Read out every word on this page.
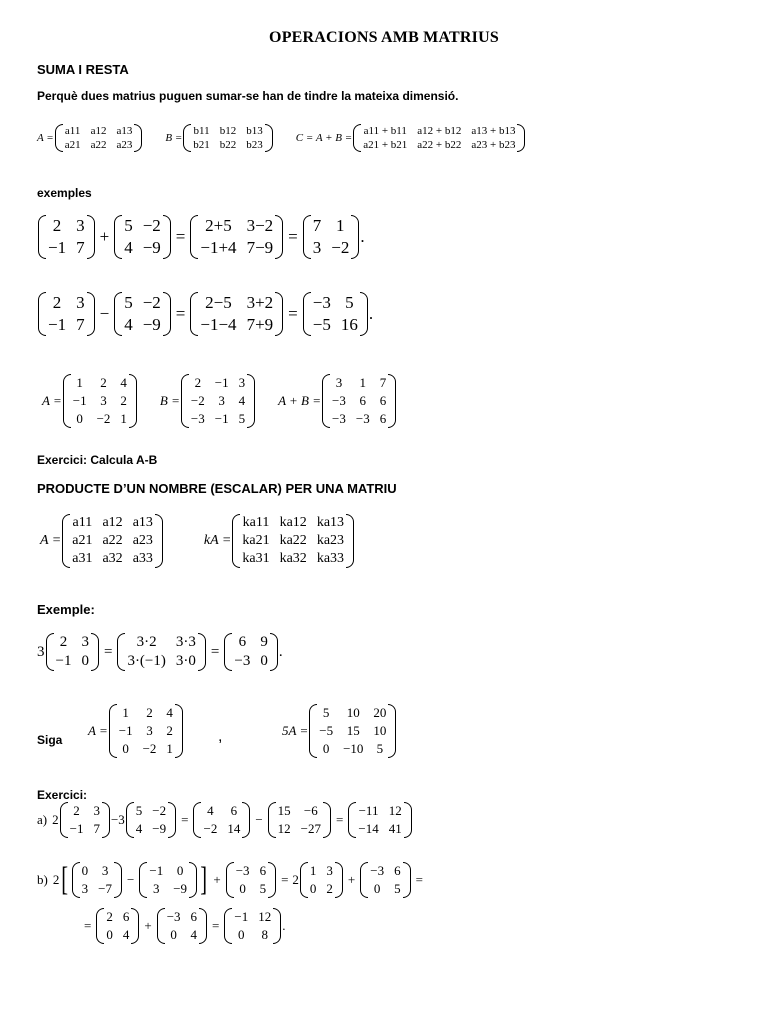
OPERACIONS AMB MATRIUS
SUMA I RESTA
Perquè dues matrius puguen sumar-se han de tindre la mateixa dimensió.
A =
a11 a12 a13
a21 a22 a23
B =
b11 b12 b13
b21 b22 b23
C = A + B =
a11 + b11 a12 + b12 a13 + b13
a21 + b21 a22 + b22 a23 + b23
exemples
2 3
−1 7
+
5 −2
4 −9
=
2+5 3−2
−1+4 7−9
=
7 1
3 −2
.
2 3
−1 7
−
5 −2
4 −9
=
2−5 3+2
−1−4 7+9
=
−3 5
−5 16
.
A =
1 2 4
−1 3 2
0 −2 1
B =
2 −1 3
−2 3 4
−3 −1 5
A + B =
3 1 7
−3 6 6
−3 −3 6
Exercici: Calcula A-B
PRODUCTE D’UN NOMBRE (ESCALAR) PER UNA MATRIU
A =
a11 a12 a13
a21 a22 a23
a31 a32 a33
kA =
ka11 ka12 ka13
ka21 ka22 ka23
ka31 ka32 ka33
Exemple:
3
2 3
−1 0
=
3·2	3·3
3·(−1) 3·0
=
6 9
−3 0
.
Siga
A =
1 2 4
−1 3 2
0 −2 1
,	5A =
5 10 20
−5 15 10
0 −10 5
Exercici:
a) 2
2 3
−1 7
− 3
5 −2
4 −9
=
4 6
−2 14
−
15 −6
12 −27
=
−11 12
−14 41
b) 2 [ 0 3
3 −7
−
−1 0
3 −9 ] +
−3 6
0 5
= 2
1 3
0 2
+
−3 6
0 5
=
=
2 6
0 4
+
−3 6
0 4
=
−1 12
0 8
.
